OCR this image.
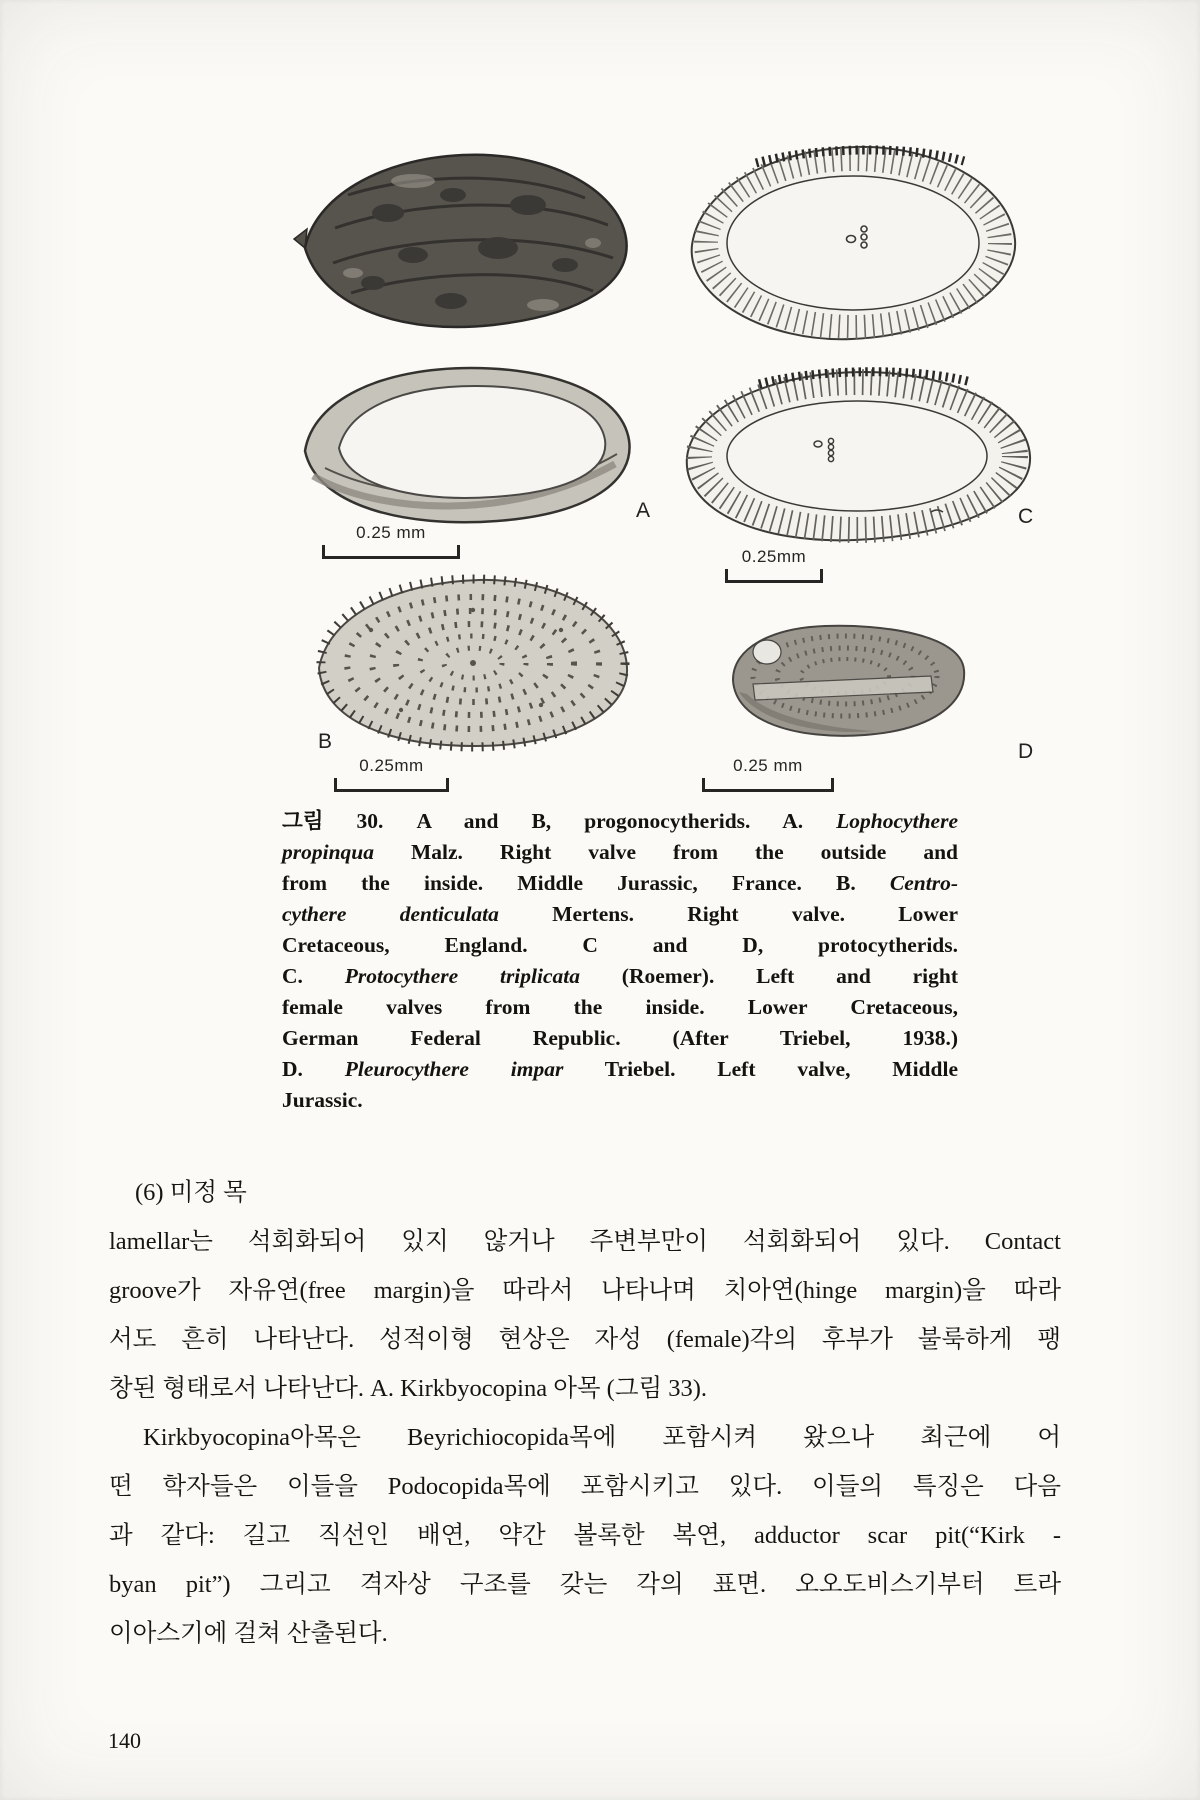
A
B
C
D
0.25 mm
0.25mm
0.25mm	0.25 mm
그림 30. A and B, progonocytherids. A. Lophocythere
propinqua Malz. Right valve from the outside and
from the inside. Middle Jurassic, France. B. Centro-
cythere denticulata Mertens. Right valve. Lower
Cretaceous, England. C and D, protocytherids.
C. Protocythere triplicata (Roemer). Left and right
female valves from the inside. Lower Cretaceous,
German Federal Republic. (After Triebel, 1938.)
D. Pleurocythere impar Triebel. Left valve, Middle
Jurassic.
(6) 미정 목
lamellar는 석회화되어 있지 않거나 주변부만이 석회화되어 있다. Contact
groove가 자유연(free margin)을 따라서 나타나며 치아연(hinge margin)을 따라
서도 흔히 나타난다. 성적이형 현상은 자성 (female)각의 후부가 불룩하게 팽
창된 형태로서 나타난다. A. Kirkbyocopina 아목 (그림 33).
Kirkbyocopina아목은 Beyrichiocopida목에 포함시켜 왔으나 최근에 어
떤 학자들은 이들을 Podocopida목에 포함시키고 있다. 이들의 특징은 다음
과 같다: 길고 직선인 배연, 약간 볼록한 복연, adductor scar pit(“Kirk -
byan pit”) 그리고 격자상 구조를 갖는 각의 표면. 오오도비스기부터 트라
이아스기에 걸쳐 산출된다.
140
